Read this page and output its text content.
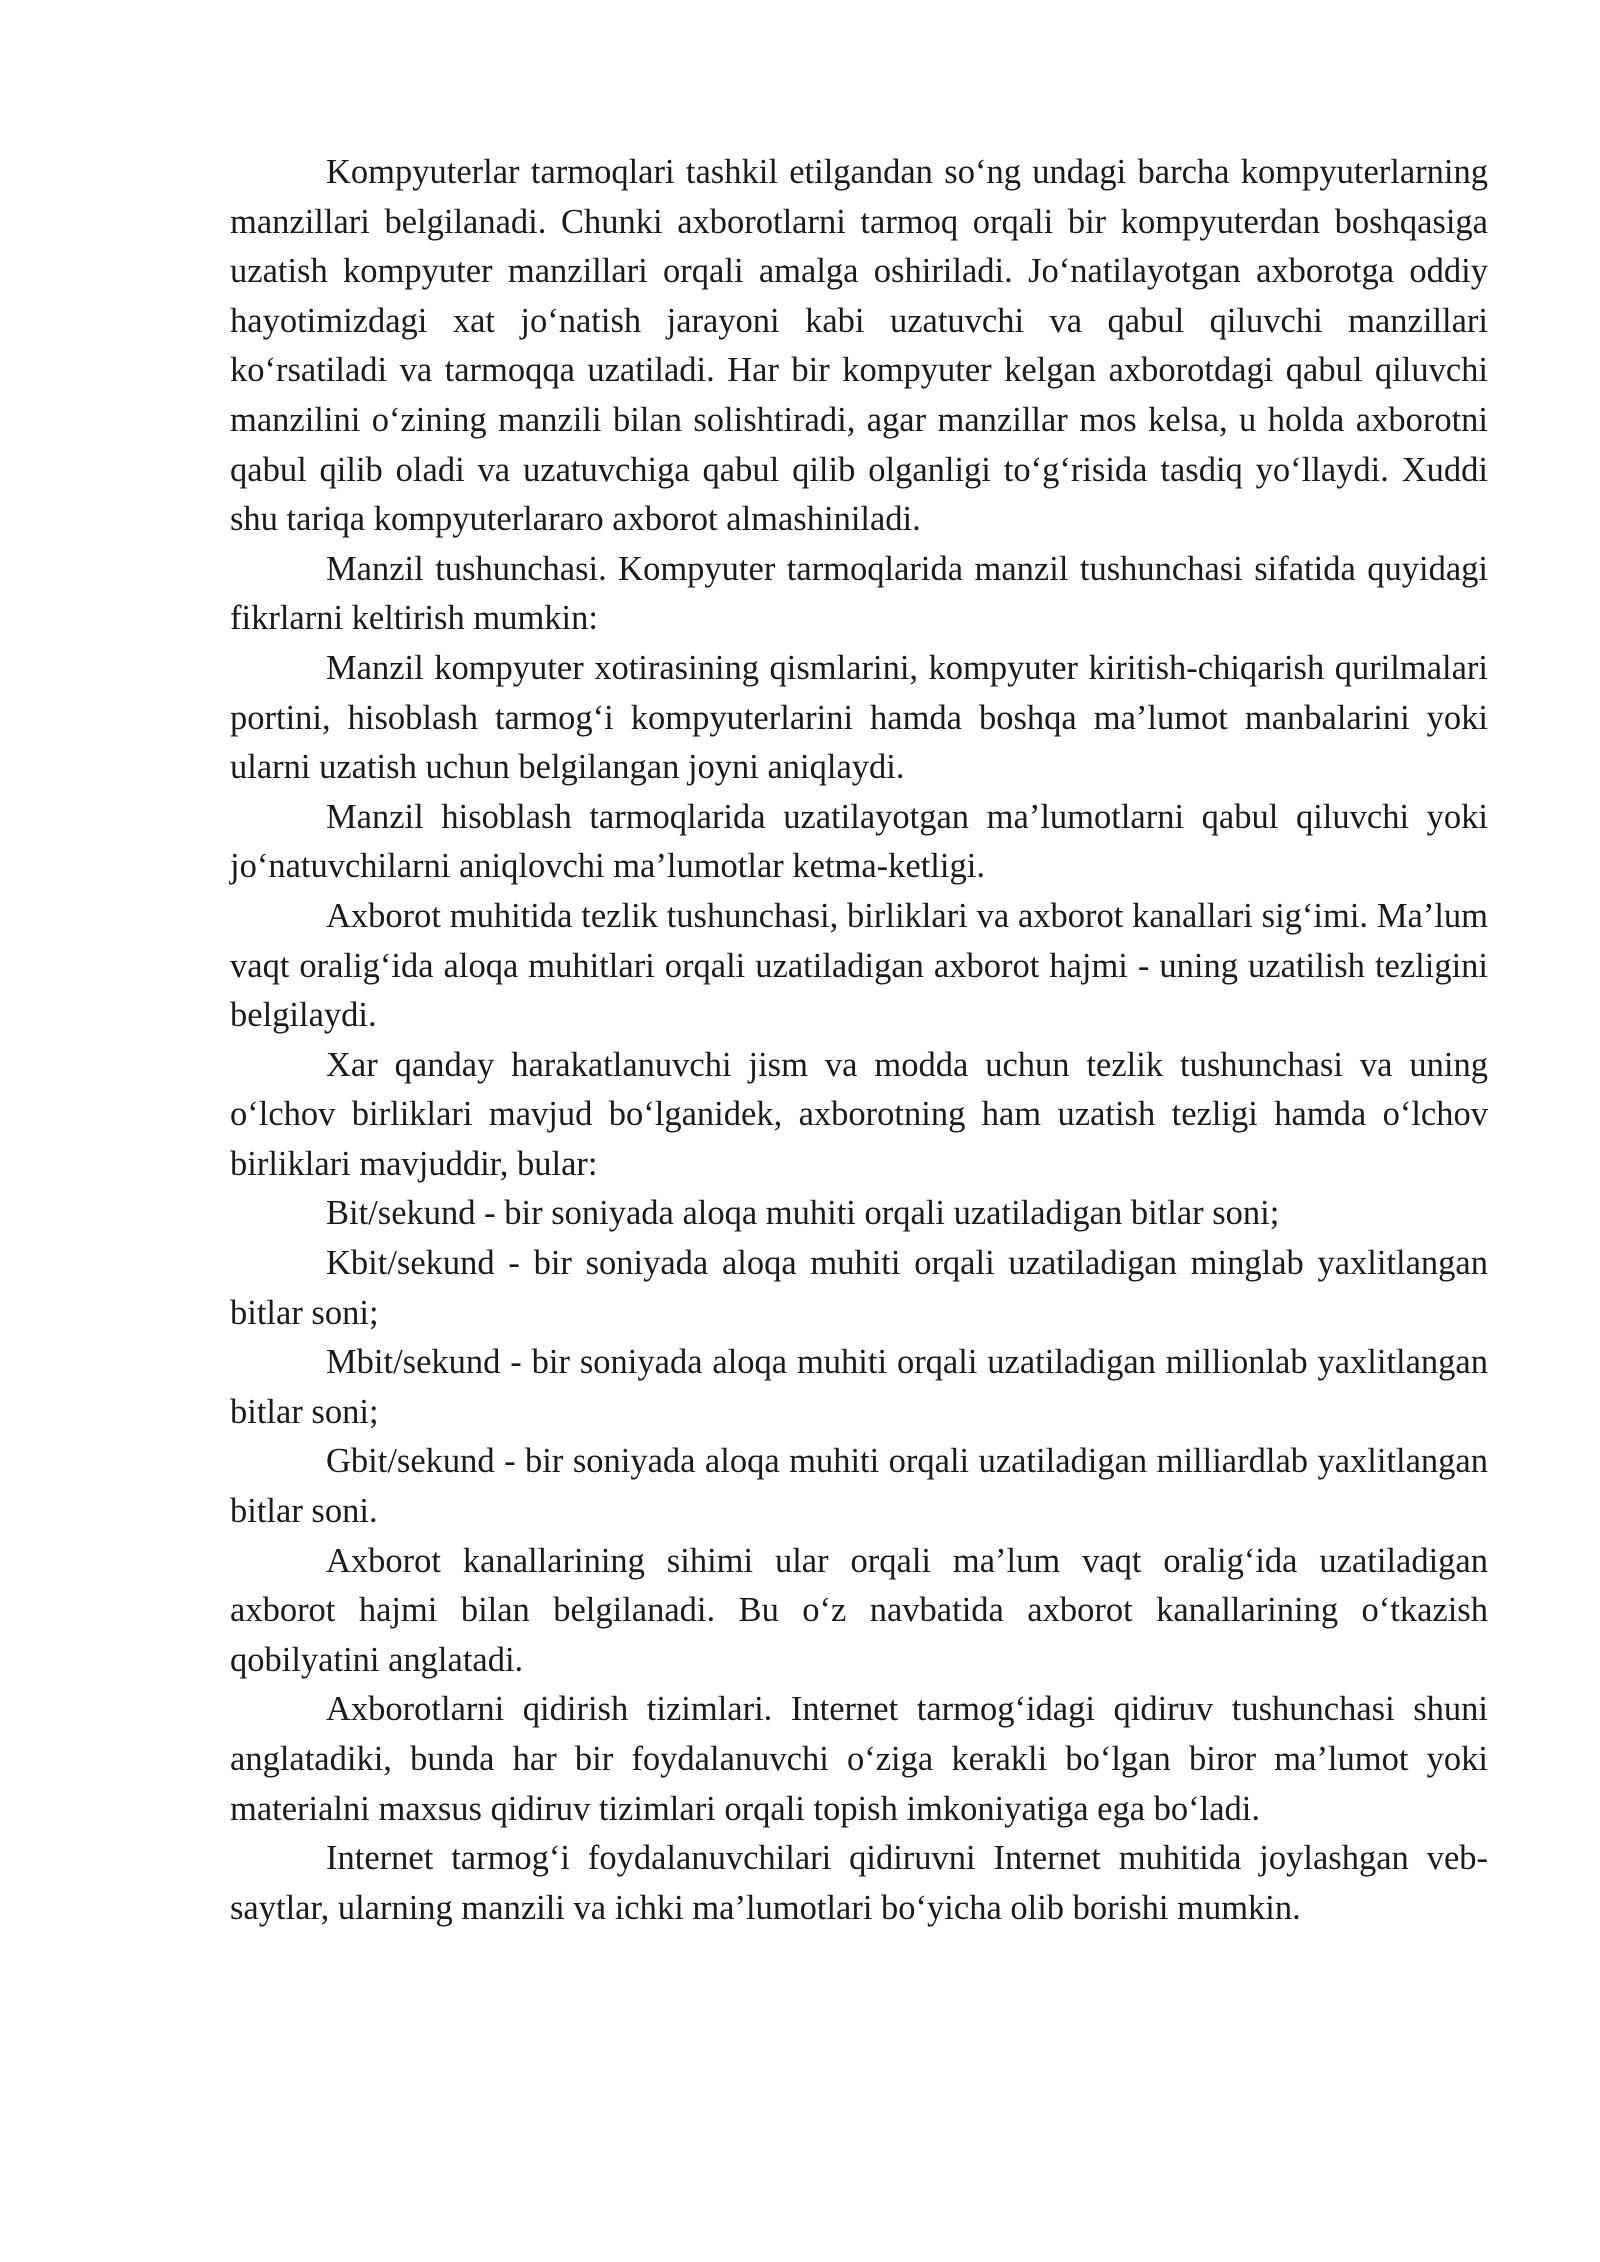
Kompyuterlar tarmoqlari tashkil etilgandan so‘ng undagi barcha kompyuterlarning manzillari belgilanadi. Chunki axborotlarni tarmoq orqali bir kompyuterdan boshqasiga uzatish kompyuter manzillari orqali amalga oshiriladi. Jo‘natilayotgan axborotga oddiy hayotimizdagi xat jo‘natish jarayoni kabi uzatuvchi va qabul qiluvchi manzillari ko‘rsatiladi va tarmoqqa uzatiladi. Har bir kompyuter kelgan axborotdagi qabul qiluvchi manzilini o‘zining manzili bilan solishtiradi, agar manzillar mos kelsa, u holda axborotni qabul qilib oladi va uzatuvchiga qabul qilib olganligi to‘g‘risida tasdiq yo‘llaydi. Xuddi shu tariqa kompyuterlararo axborot almashiniladi.

Manzil tushunchasi. Kompyuter tarmoqlarida manzil tushunchasi sifatida quyidagi fikrlarni keltirish mumkin:

Manzil kompyuter xotirasining qismlarini, kompyuter kiritish-chiqarish qurilmalari portini, hisoblash tarmog‘i kompyuterlarini hamda boshqa ma’lumot manbalarini yoki ularni uzatish uchun belgilangan joyni aniqlaydi.

Manzil hisoblash tarmoqlarida uzatilayotgan ma’lumotlarni qabul qiluvchi yoki jo‘natuvchilarni aniqlovchi ma’lumotlar ketma-ketligi.

Axborot muhitida tezlik tushunchasi, birliklari va axborot kanallari sig‘imi. Ma’lum vaqt oralig‘ida aloqa muhitlari orqali uzatiladigan axborot hajmi - uning uzatilish tezligini belgilaydi.

Xar qanday harakatlanuvchi jism va modda uchun tezlik tushunchasi va uning o‘lchov birliklari mavjud bo‘lganidek, axborotning ham uzatish tezligi hamda o‘lchov birliklari mavjuddir, bular:

Bit/sekund - bir soniyada aloqa muhiti orqali uzatiladigan bitlar soni;

Kbit/sekund - bir soniyada aloqa muhiti orqali uzatiladigan minglab yaxlitlangan bitlar soni;

Mbit/sekund - bir soniyada aloqa muhiti orqali uzatiladigan millionlab yaxlitlangan bitlar soni;

Gbit/sekund - bir soniyada aloqa muhiti orqali uzatiladigan milliardlab yaxlitlangan bitlar soni.

Axborot kanallarining sihimi ular orqali ma’lum vaqt oralig‘ida uzatiladigan axborot hajmi bilan belgilanadi. Bu o‘z navbatida axborot kanallarining o‘tkazish qobilyatini anglatadi.

Axborotlarni qidirish tizimlari. Internet tarmog‘idagi qidiruv tushunchasi shuni anglatadiki, bunda har bir foydalanuvchi o‘ziga kerakli bo‘lgan biror ma’lumot yoki materialni maxsus qidiruv tizimlari orqali topish imkoniyatiga ega bo‘ladi.

Internet tarmog‘i foydalanuvchilari qidiruvni Internet muhitida joylashgan veb- saytlar, ularning manzili va ichki ma’lumotlari bo‘yicha olib borishi mumkin.
